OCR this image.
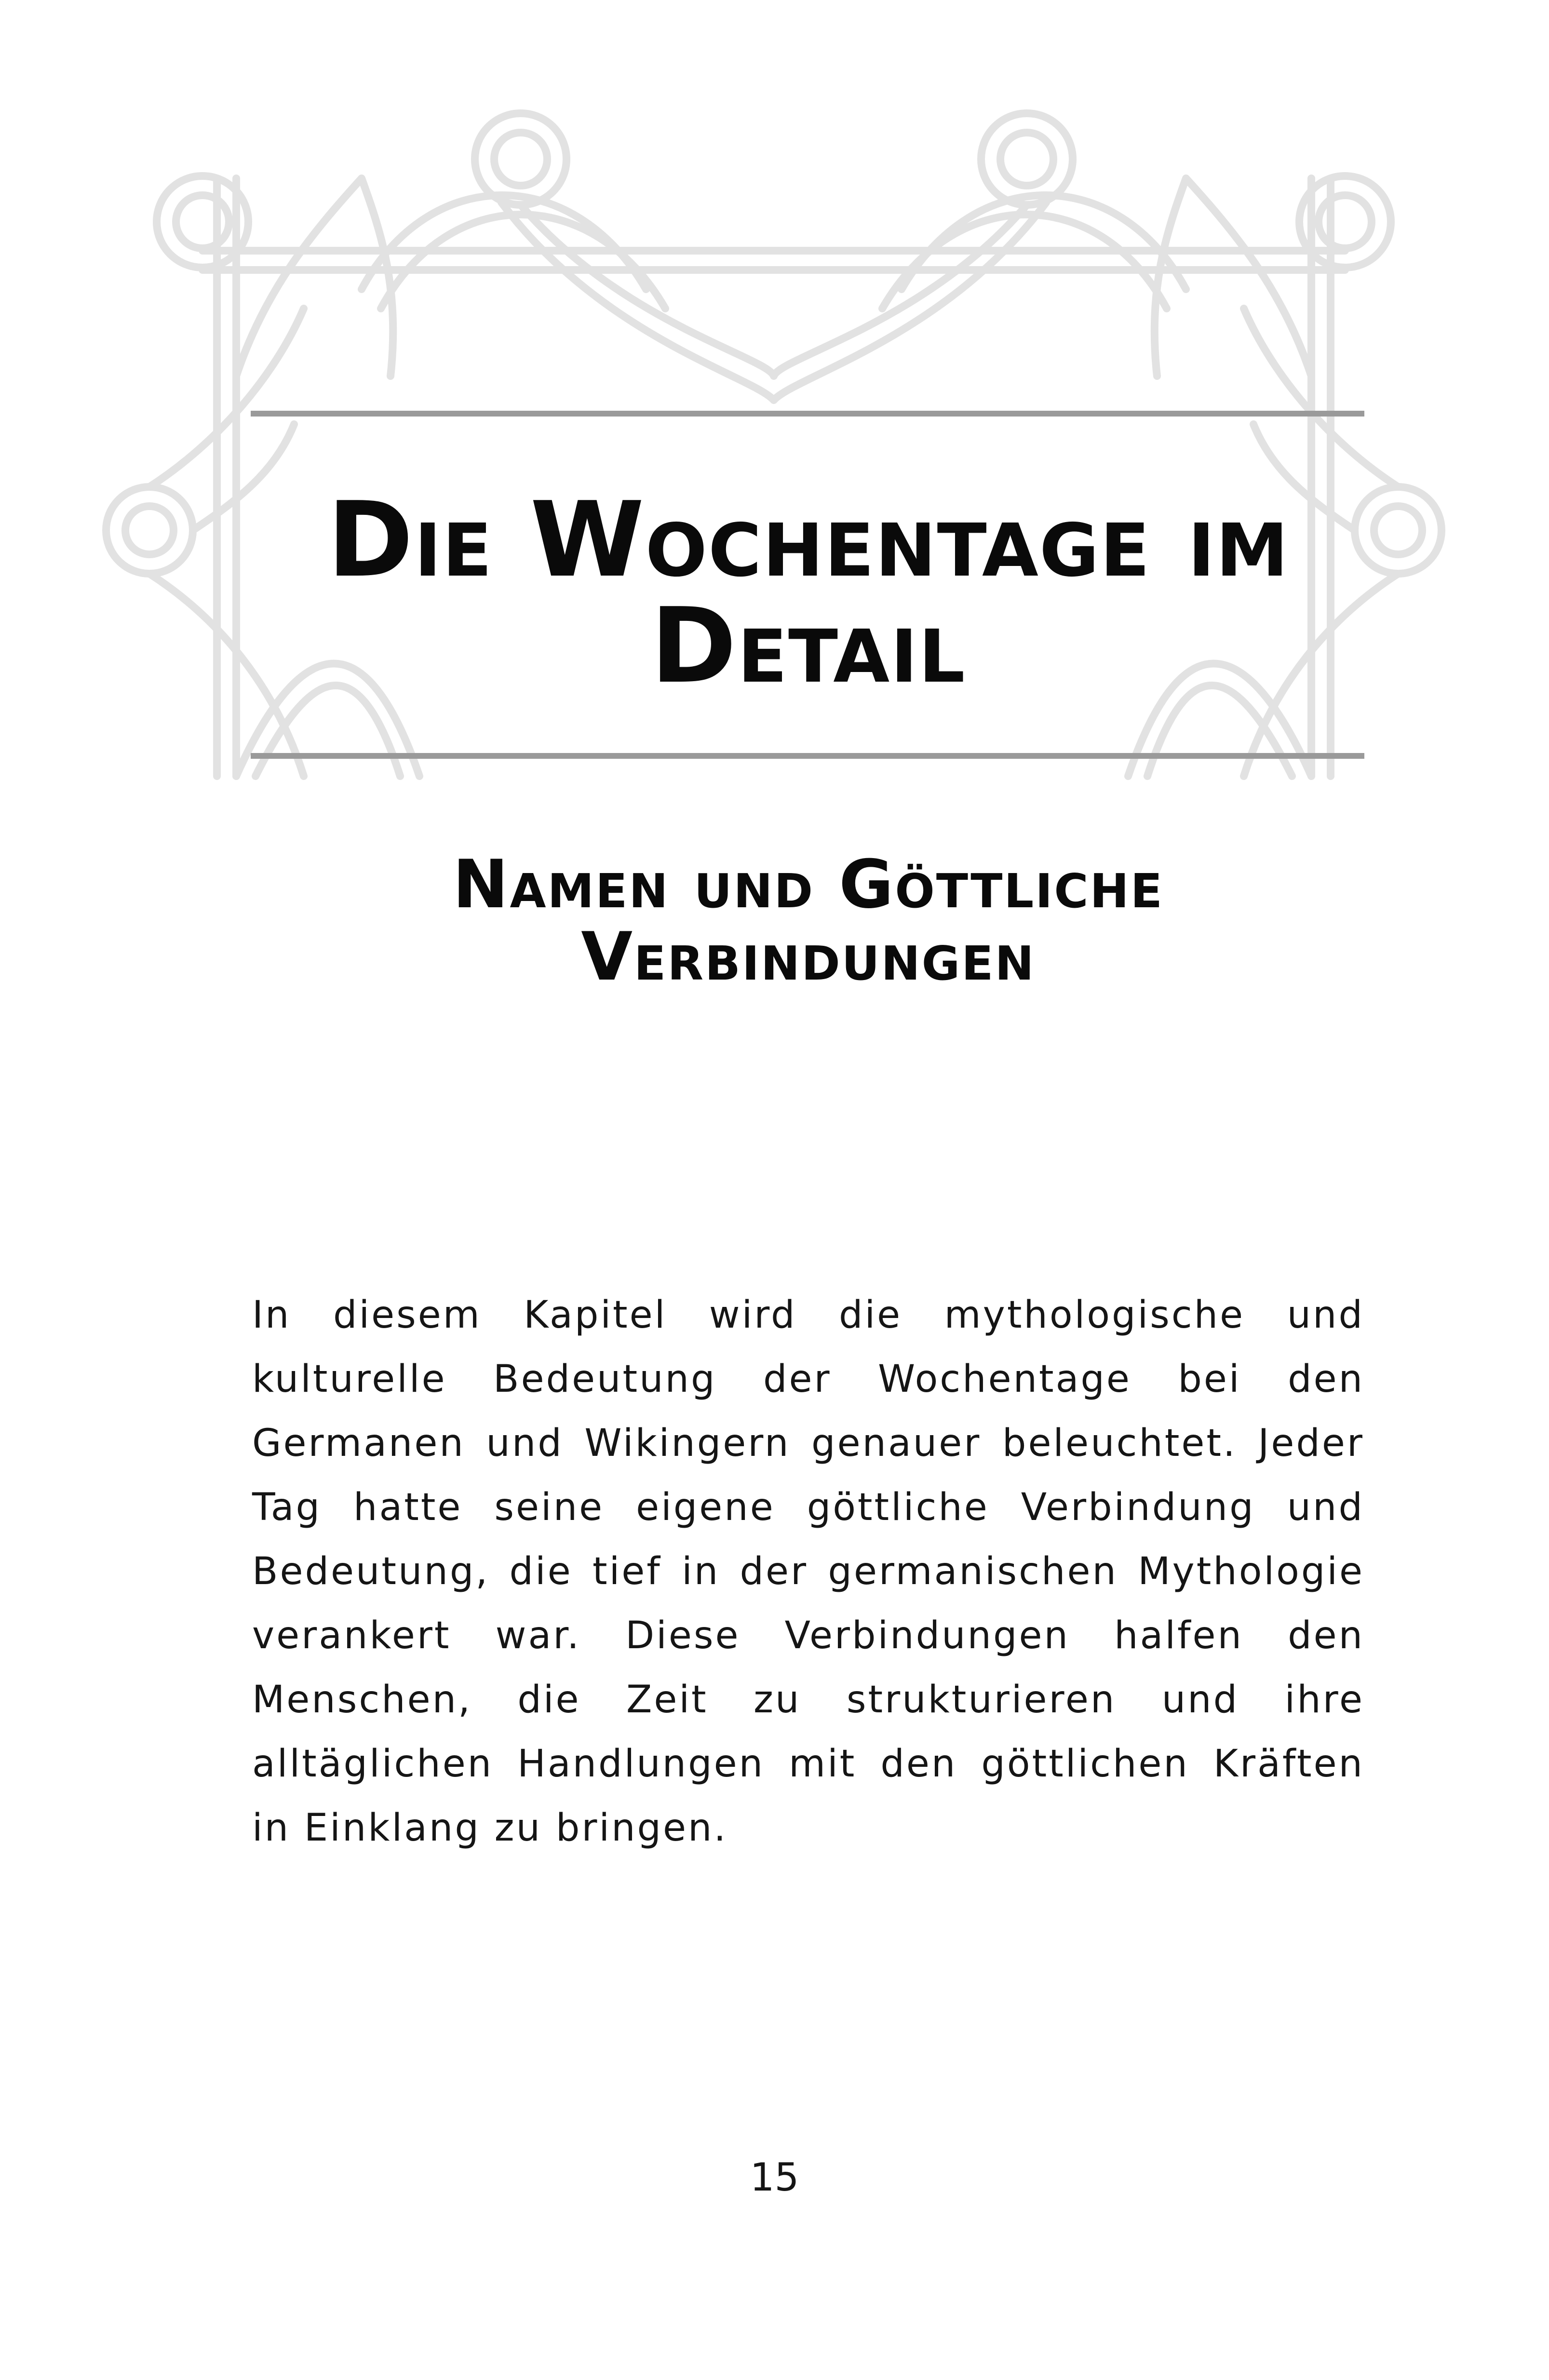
Die Wochentage im
Detail
Namen und Göttliche
Verbindungen

In diesem Kapitel wird die mythologische und kulturelle Bedeutung der Wochentage bei den Germanen und Wikingern genauer beleuchtet. Jeder Tag hatte seine eigene göttliche Verbindung und Bedeutung, die tief in der germanischen Mythologie verankert war. Diese Verbindungen halfen den Menschen, die Zeit zu strukturieren und ihre alltäglichen Handlungen mit den göttlichen Kräften in Einklang zu bringen.

15
